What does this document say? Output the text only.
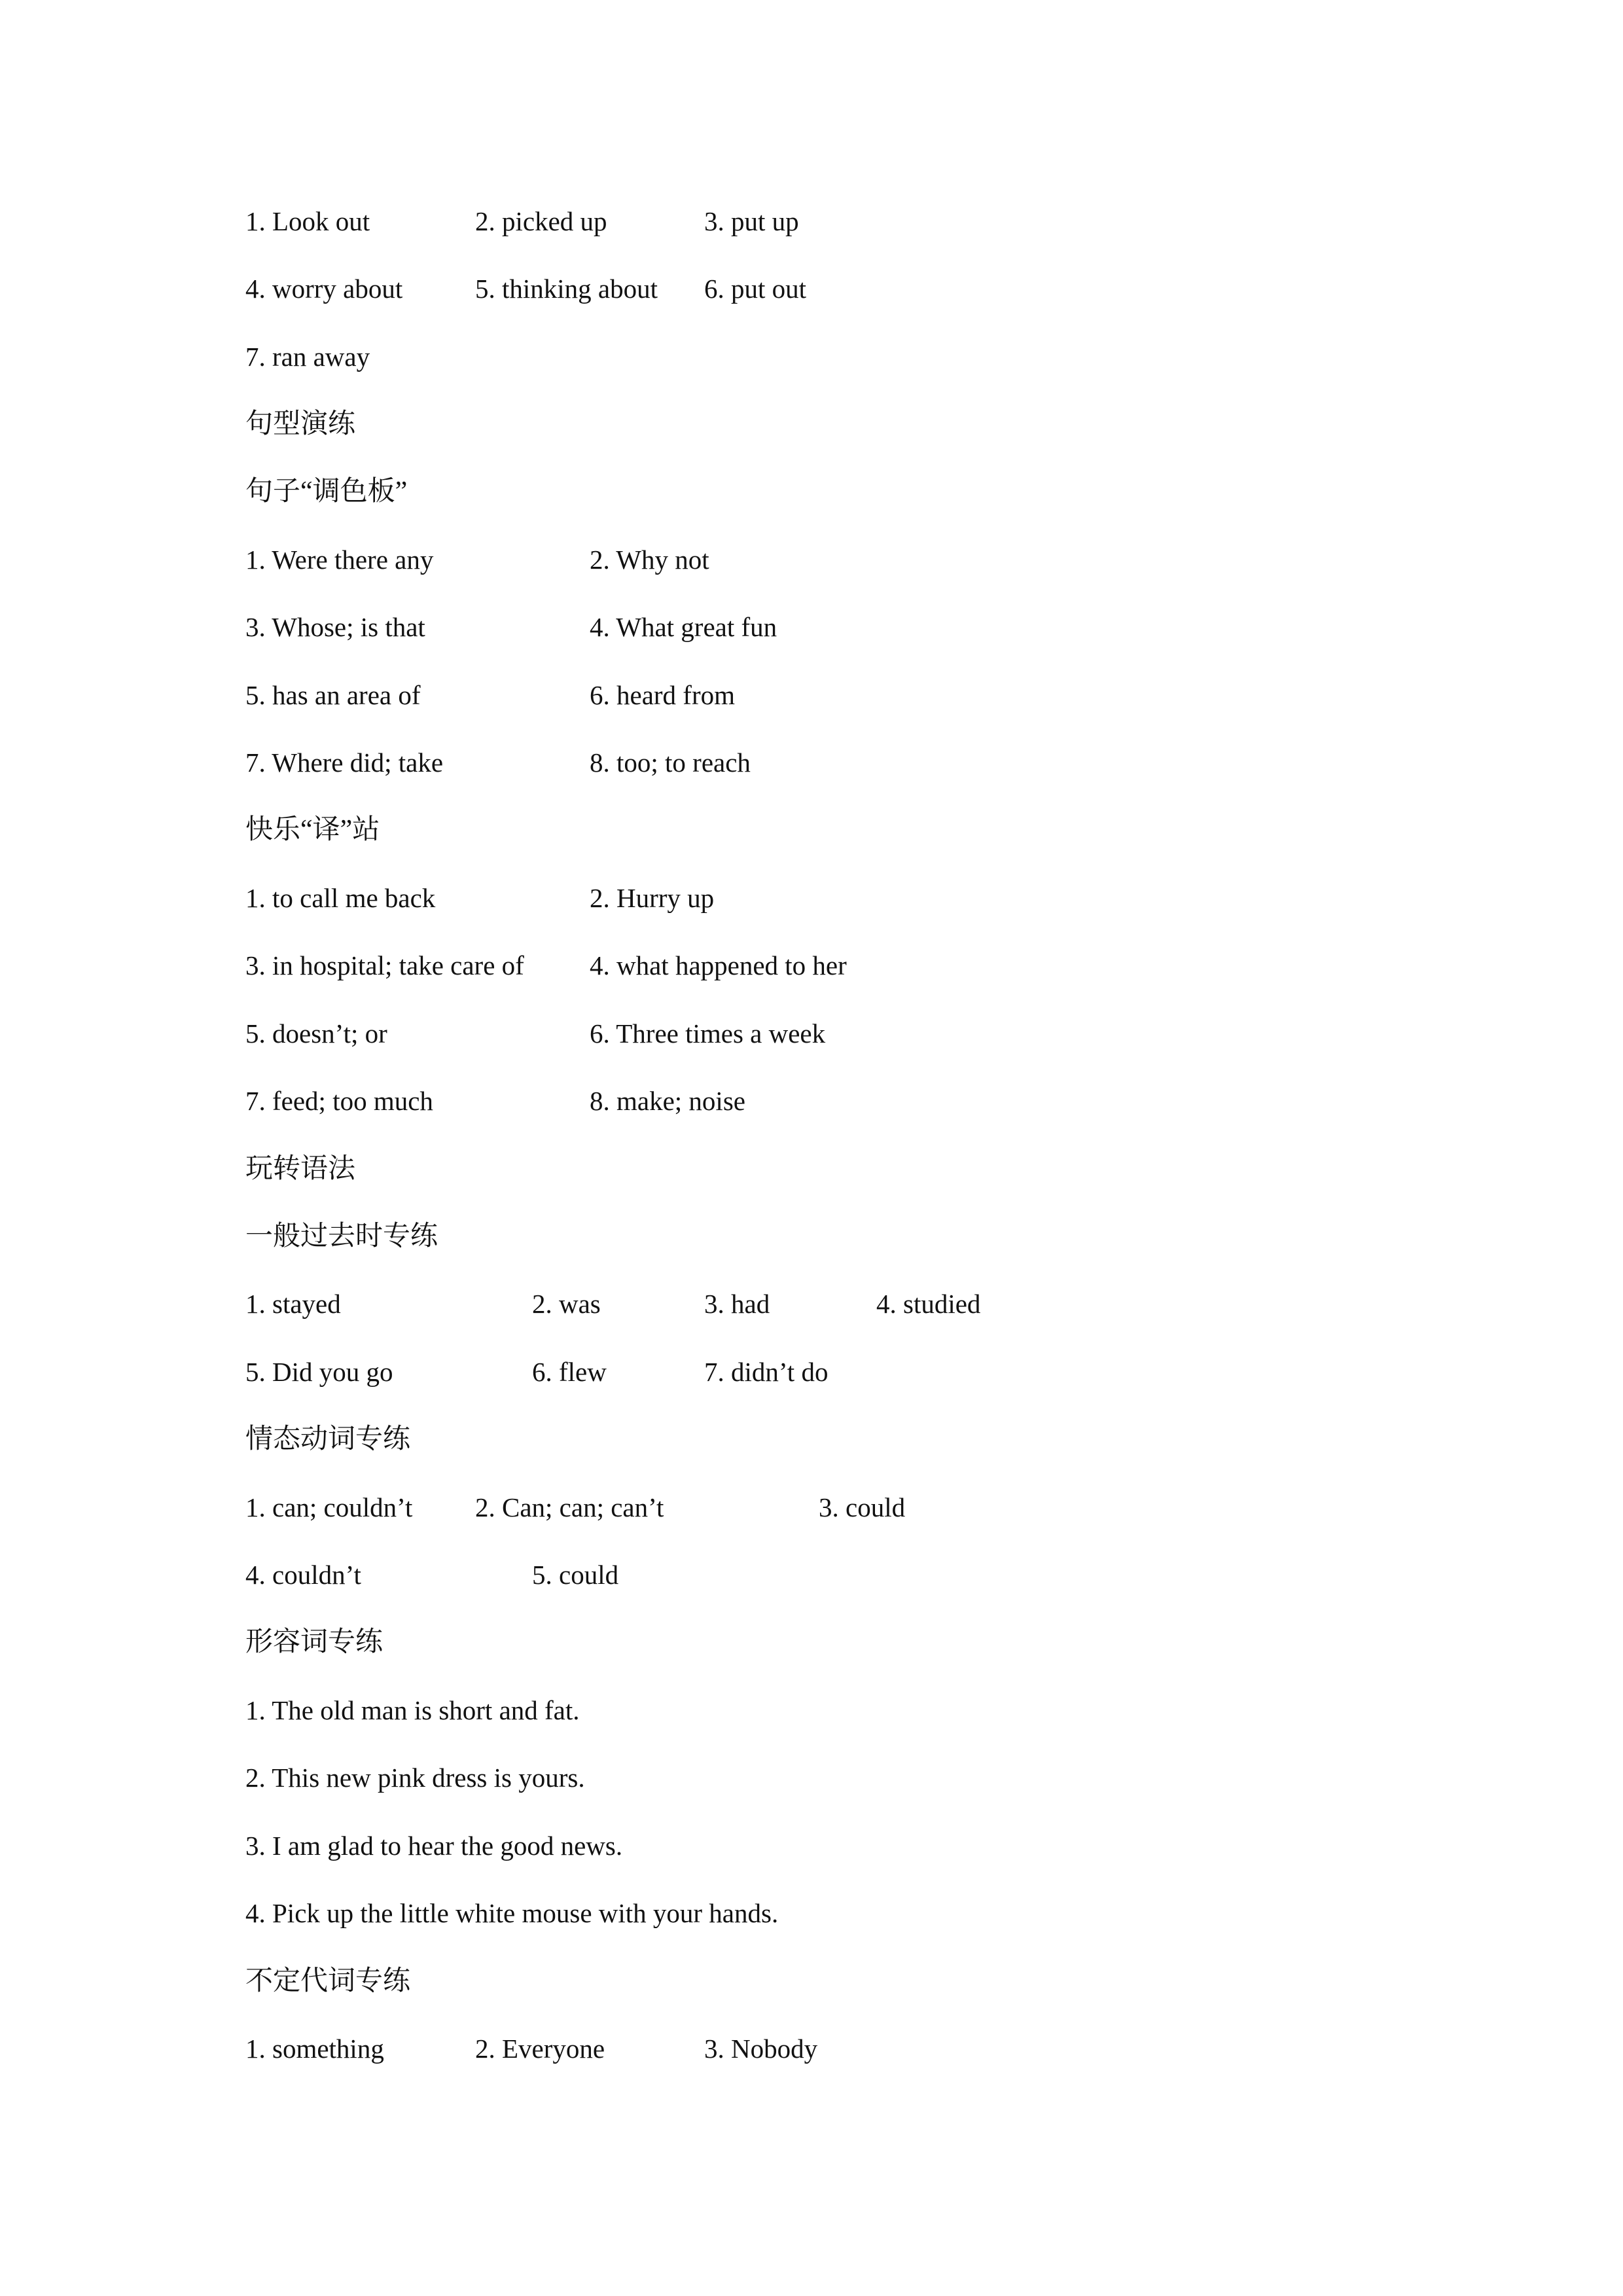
1. Look out	2. picked up	3. put up
4. worry about	5. thinking about 6. put out
7. ran away
句型演练
句子“调色板”
1. Were there any	2. Why not
3. Whose; is that	4. What great fun
5. has an area of	6. heard from
7. Where did; take	8. too; to reach
快乐“译”站
1. to call me back	2. Hurry up
3. in hospital; take care of 4. what happened to her
5. doesn’t; or	6. Three times a week
7. feed; too much	8. make; noise
玩转语法
一般过去时专练
1. stayed	2. was	3. had	4. studied
5. Did you go	6. flew	7. didn’t do
情态动词专练
1. can; couldn’t 2. Can; can; can’t	3. could
4. couldn’t	5. could
形容词专练
1. The old man is short and fat.
2. This new pink dress is yours.
3. I am glad to hear the good news.
4. Pick up the little white mouse with your hands.
不定代词专练
1. something	2. Everyone	3. Nobody
